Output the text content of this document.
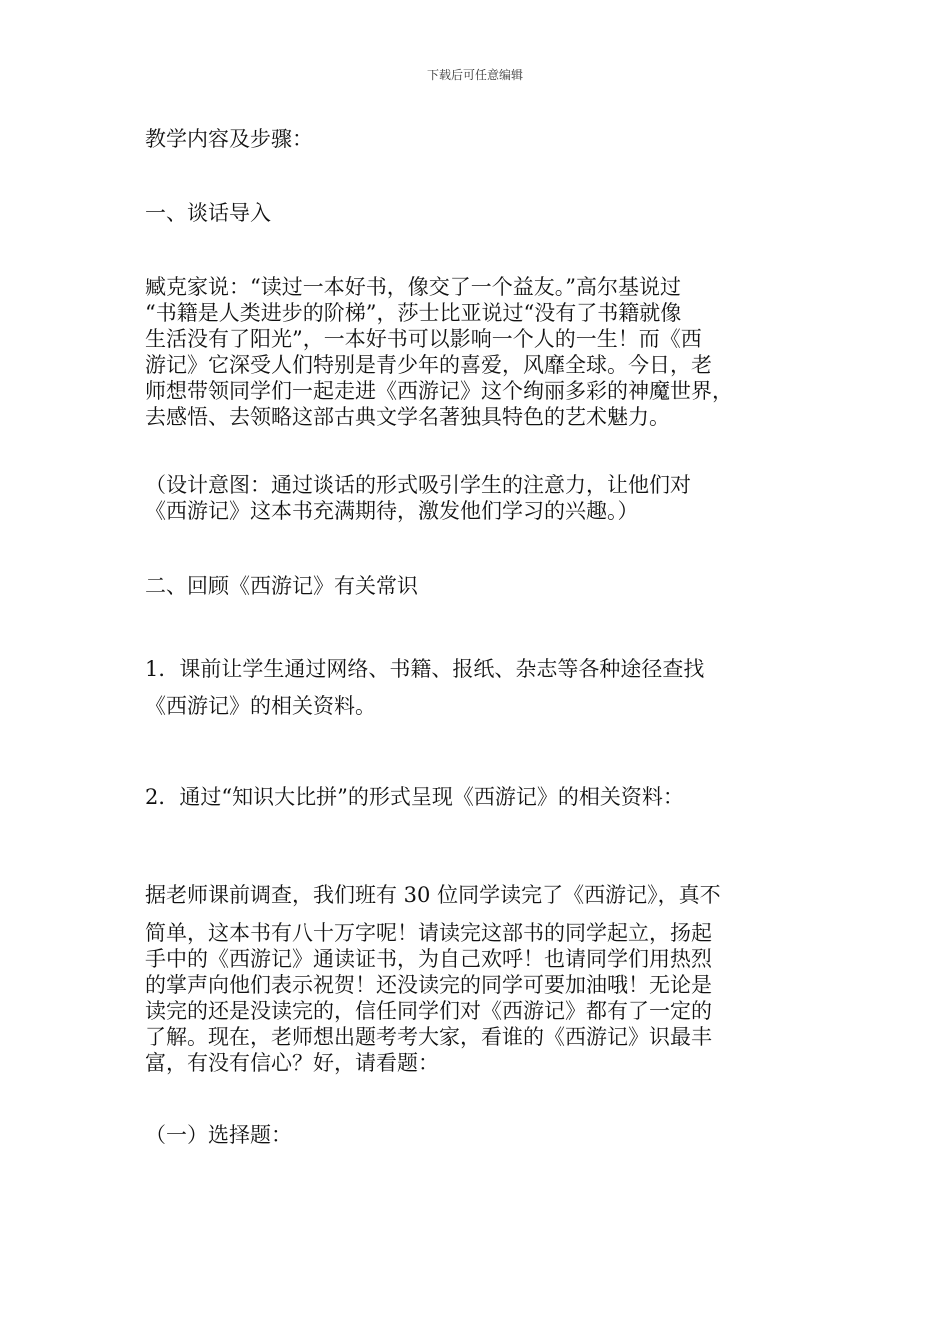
下载后可任意编辑

教学内容及步骤：

一、谈话导入

臧克家说：“读过一本好书，像交了一个益友。”高尔基说过
“书籍是人类进步的阶梯”，莎士比亚说过“没有了书籍就像
生活没有了阳光”，一本好书可以影响一个人的一生！而《西
游记》它深受人们特别是青少年的喜爱，风靡全球。今日，老
师想带领同学们一起走进《西游记》这个绚丽多彩的神魔世界，
去感悟、去领略这部古典文学名著独具特色的艺术魅力。
（设计意图：通过谈话的形式吸引学生的注意力，让他们对
《西游记》这本书充满期待，激发他们学习的兴趣。）

二、回顾《西游记》有关常识

1．课前让学生通过网络、书籍、报纸、杂志等各种途径查找
《西游记》的相关资料。

2．通过“知识大比拼”的形式呈现《西游记》的相关资料：

据老师课前调查，我们班有 30 位同学读完了《西游记》，真不

简单，这本书有八十万字呢！请读完这部书的同学起立，扬起
手中的《西游记》通读证书，为自己欢呼！也请同学们用热烈
的掌声向他们表示祝贺！还没读完的同学可要加油哦！无论是
读完的还是没读完的，信任同学们对《西游记》都有了一定的
了解。现在，老师想出题考考大家，看谁的《西游记》识最丰
富，有没有信心？好，请看题：

（一）选择题：
